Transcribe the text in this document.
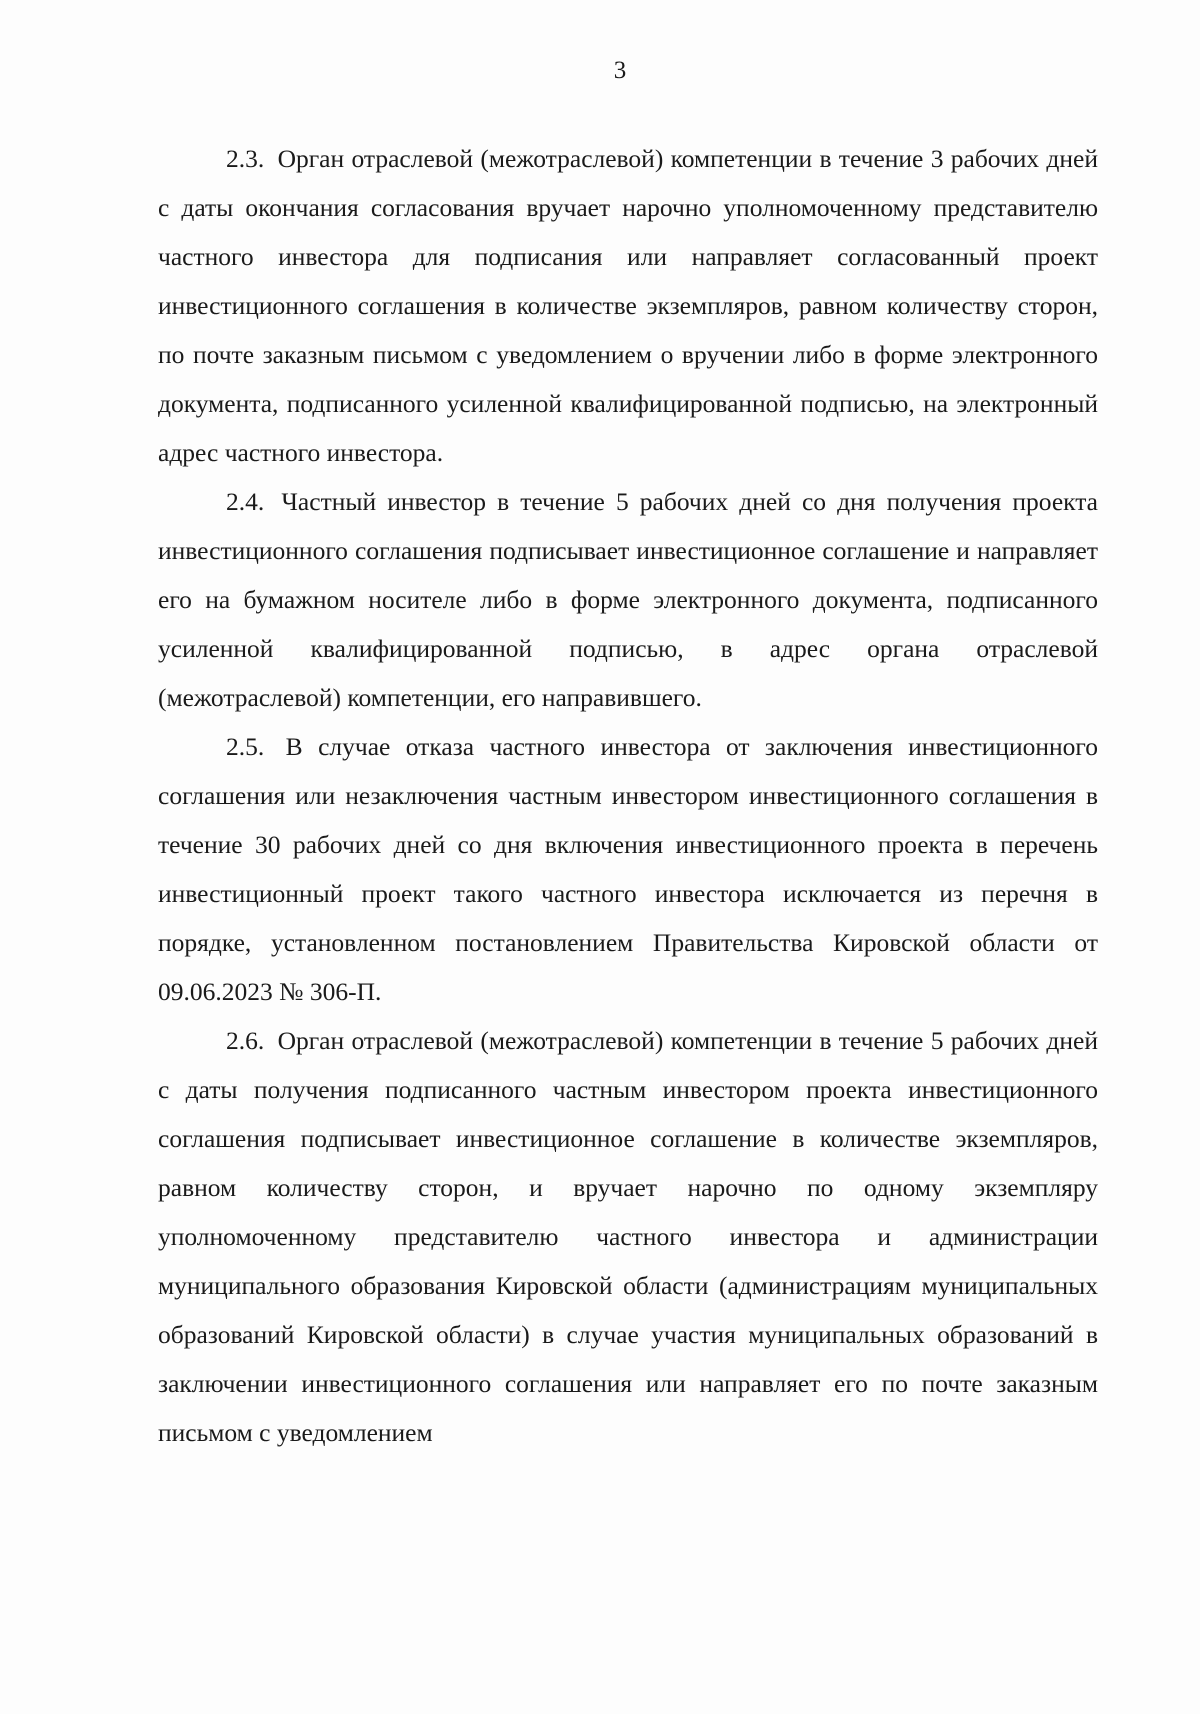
3

2.3. Орган отраслевой (межотраслевой) компетенции в течение 3 рабочих дней с даты окончания согласования вручает нарочно уполномоченному представителю частного инвестора для подписания или направляет согласованный проект инвестиционного соглашения в количестве экземпляров, равном количеству сторон, по почте заказным письмом с уведомлением о вручении либо в форме электронного документа, подписанного усиленной квалифицированной подписью, на электронный адрес частного инвестора.

2.4. Частный инвестор в течение 5 рабочих дней со дня получения проекта инвестиционного соглашения подписывает инвестиционное соглашение и направляет его на бумажном носителе либо в форме электронного документа, подписанного усиленной квалифицированной подписью, в адрес органа отраслевой (межотраслевой) компетенции, его направившего.

2.5. В случае отказа частного инвестора от заключения инвестиционного соглашения или незаключения частным инвестором инвестиционного соглашения в течение 30 рабочих дней со дня включения инвестиционного проекта в перечень инвестиционный проект такого частного инвестора исключается из перечня в порядке, установленном постановлением Правительства Кировской области от 09.06.2023 № 306-П.

2.6. Орган отраслевой (межотраслевой) компетенции в течение 5 рабочих дней с даты получения подписанного частным инвестором проекта инвестиционного соглашения подписывает инвестиционное соглашение в количестве экземпляров, равном количеству сторон, и вручает нарочно по одному экземпляру уполномоченному представителю частного инвестора и администрации муниципального образования Кировской области (администрациям муниципальных образований Кировской области) в случае участия муниципальных образований в заключении инвестиционного соглашения или направляет его по почте заказным письмом с уведомлением
